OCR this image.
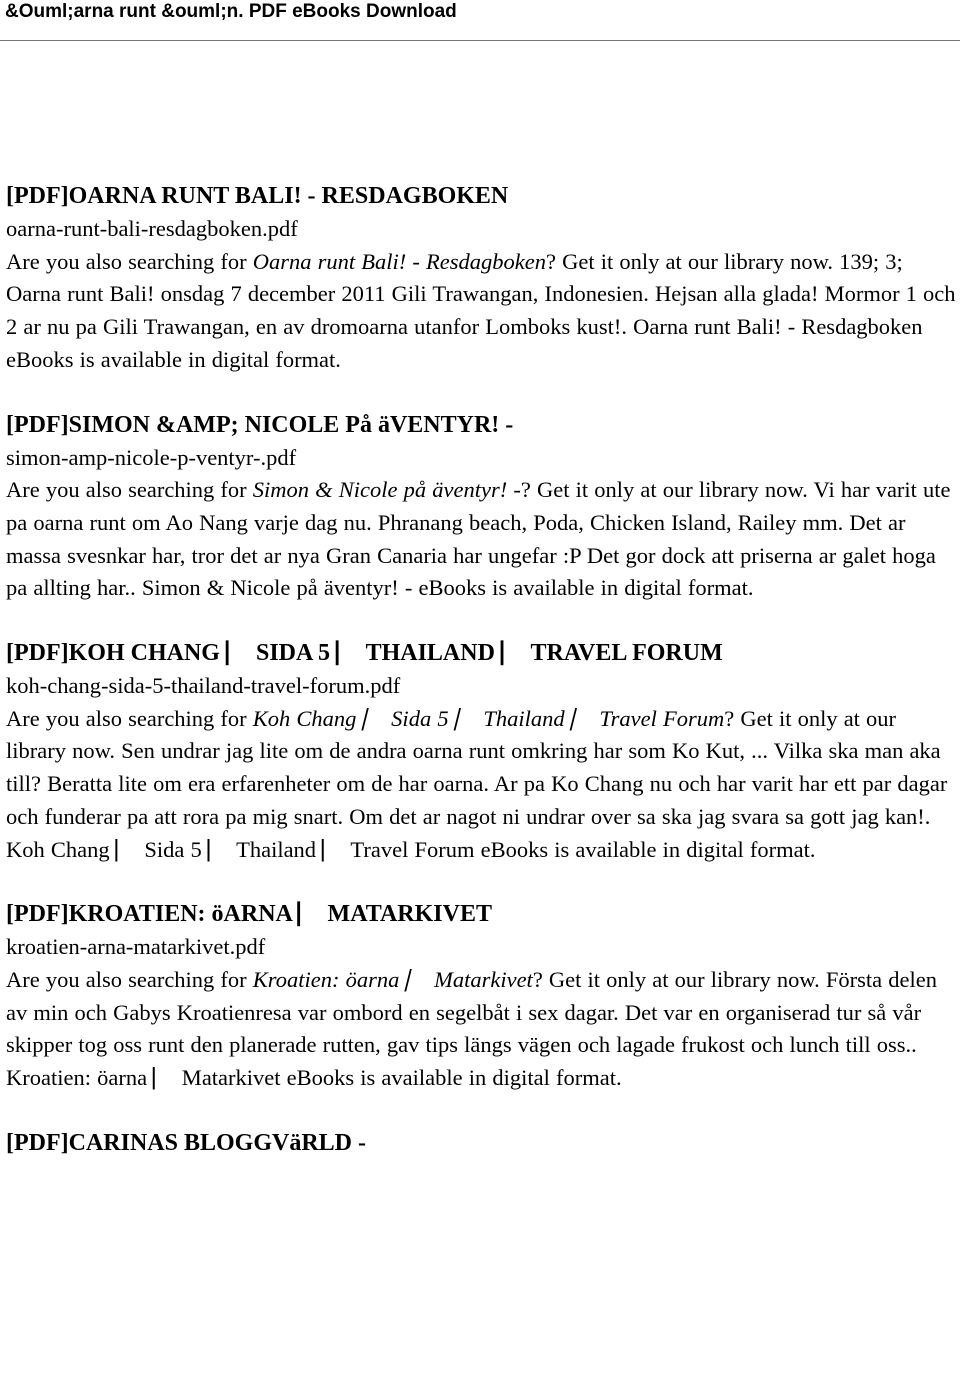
&Ouml;arna runt &ouml;n. PDF eBooks Download
[PDF]OARNA RUNT BALI! - RESDAGBOKEN
oarna-runt-bali-resdagboken.pdf
Are you also searching for Oarna runt Bali! - Resdagboken? Get it only at our library now. 139; 3; Oarna runt Bali! onsdag 7 december 2011 Gili Trawangan, Indonesien. Hejsan alla glada! Mormor 1 och 2 ar nu pa Gili Trawangan, en av dromoarna utanfor Lomboks kust!. Oarna runt Bali! - Resdagboken eBooks is available in digital format.
[PDF]SIMON &AMP; NICOLE På äVENTYR! -
simon-amp-nicole-p-ventyr-.pdf
Are you also searching for Simon & Nicole på äventyr! -? Get it only at our library now. Vi har varit ute pa oarna runt om Ao Nang varje dag nu. Phranang beach, Poda, Chicken Island, Railey mm. Det ar massa svesnkar har, tror det ar nya Gran Canaria har ungefar :P Det gor dock att priserna ar galet hoga pa allting har.. Simon & Nicole på äventyr! - eBooks is available in digital format.
[PDF]KOH CHANG ⎸ SIDA 5 ⎸ THAILAND ⎸ TRAVEL FORUM
koh-chang-sida-5-thailand-travel-forum.pdf
Are you also searching for Koh Chang ⎸ Sida 5 ⎸ Thailand ⎸ Travel Forum? Get it only at our library now. Sen undrar jag lite om de andra oarna runt omkring har som Ko Kut, ... Vilka ska man aka till? Beratta lite om era erfarenheter om de har oarna. Ar pa Ko Chang nu och har varit har ett par dagar och funderar pa att rora pa mig snart. Om det ar nagot ni undrar over sa ska jag svara sa gott jag kan!. Koh Chang ⎸ Sida 5 ⎸ Thailand ⎸ Travel Forum eBooks is available in digital format.
[PDF]KROATIEN: öARNA ⎸ MATARKIVET
kroatien-arna-matarkivet.pdf
Are you also searching for Kroatien: öarna ⎸ Matarkivet? Get it only at our library now. Första delen av min och Gabys Kroatienresa var ombord en segelbåt i sex dagar. Det var en organiserad tur så vår skipper tog oss runt den planerade rutten, gav tips längs vägen och lagade frukost och lunch till oss.. Kroatien: öarna ⎸ Matarkivet eBooks is available in digital format.
[PDF]CARINAS BLOGGVäRLD -
